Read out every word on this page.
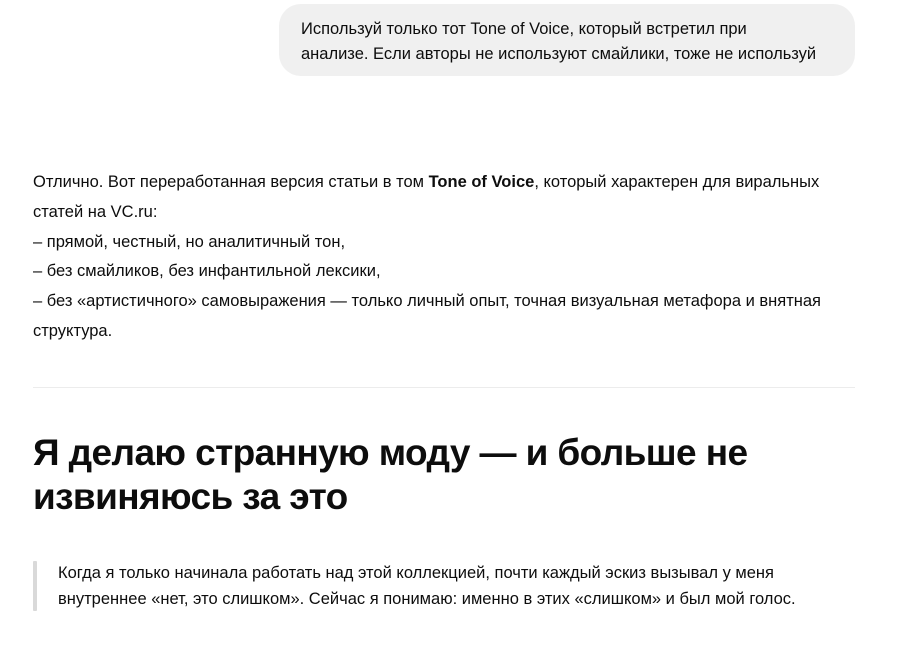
Используй только тот Tone of Voice, который встретил при
анализе. Если авторы не используют смайлики, тоже не используй

Отлично. Вот переработанная версия статьи в том Tone of Voice, который характерен для виральных статей на VC.ru:

– прямой, честный, но аналитичный тон,

– без смайликов, без инфантильной лексики,

– без «артистичного» самовыражения — только личный опыт, точная визуальная метафора и внятная структура.

Я делаю странную моду — и больше не извиняюсь за это
Когда я только начинала работать над этой коллекцией, почти каждый эскиз вызывал у меня
внутреннее «нет, это слишком». Сейчас я понимаю: именно в этих «слишком» и был мой голос.
